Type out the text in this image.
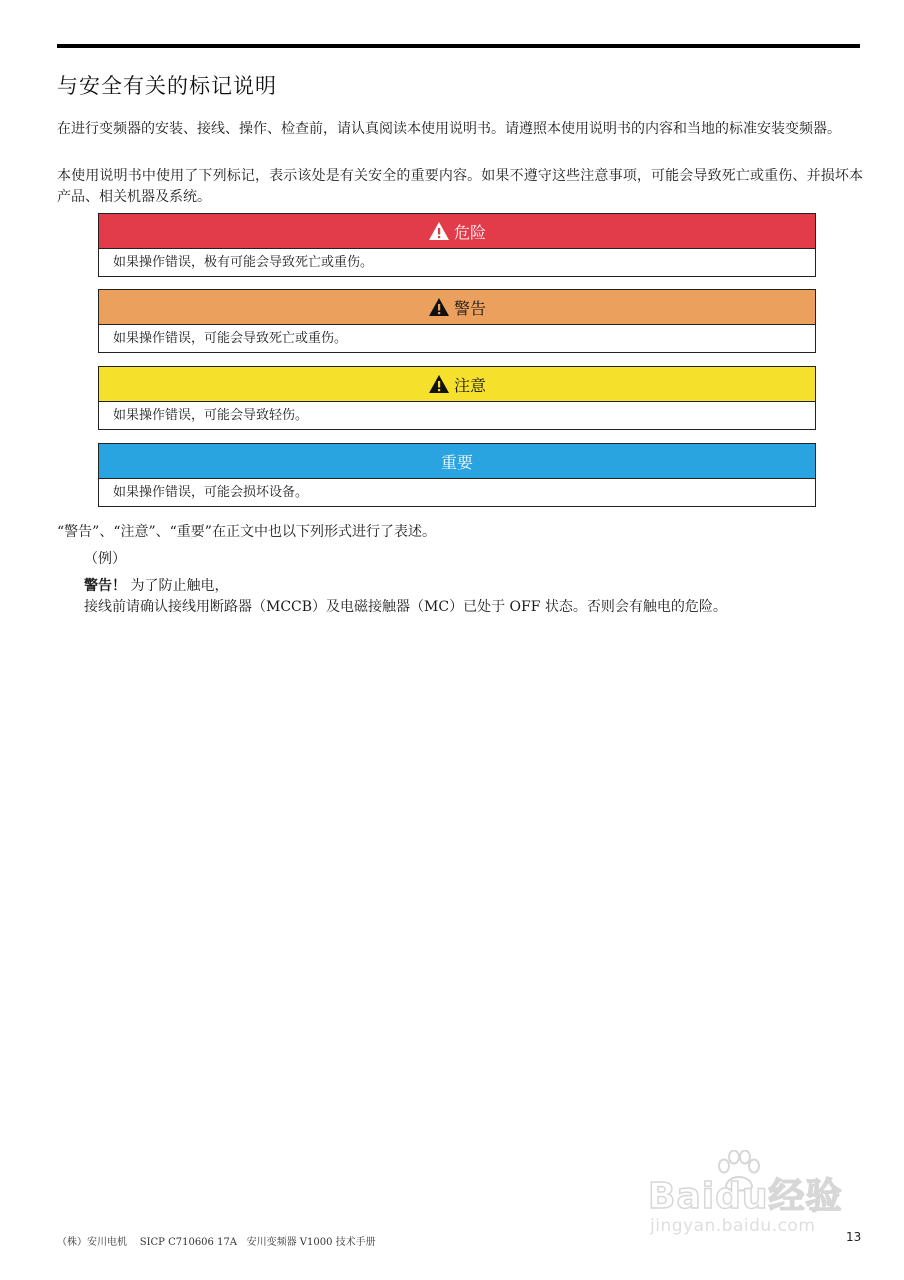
与安全有关的标记说明

在进行变频器的安装、接线、操作、检查前，请认真阅读本使用说明书。请遵照本使用说明书的内容和当地的标准安装变频器。

本使用说明书中使用了下列标记，表示该处是有关安全的重要内容。如果不遵守这些注意事项，可能会导致死亡或重伤、并损坏本产品、相关机器及系统。

危险
如果操作错误，极有可能会导致死亡或重伤。
警告
如果操作错误，可能会导致死亡或重伤。
注意
如果操作错误，可能会导致轻伤。
重要
如果操作错误，可能会损坏设备。

“警告”、“注意”、“重要”在正文中也以下列形式进行了表述。

（例）

警告！ 为了防止触电，
接线前请确认接线用断路器（MCCB）及电磁接触器（MC）已处于 OFF 状态。否则会有触电的危险。
（株）安川电机 SICP C710606 17A 安川变频器 V1000 技术手册	13
Baidu经验
jingyan.baidu.com
